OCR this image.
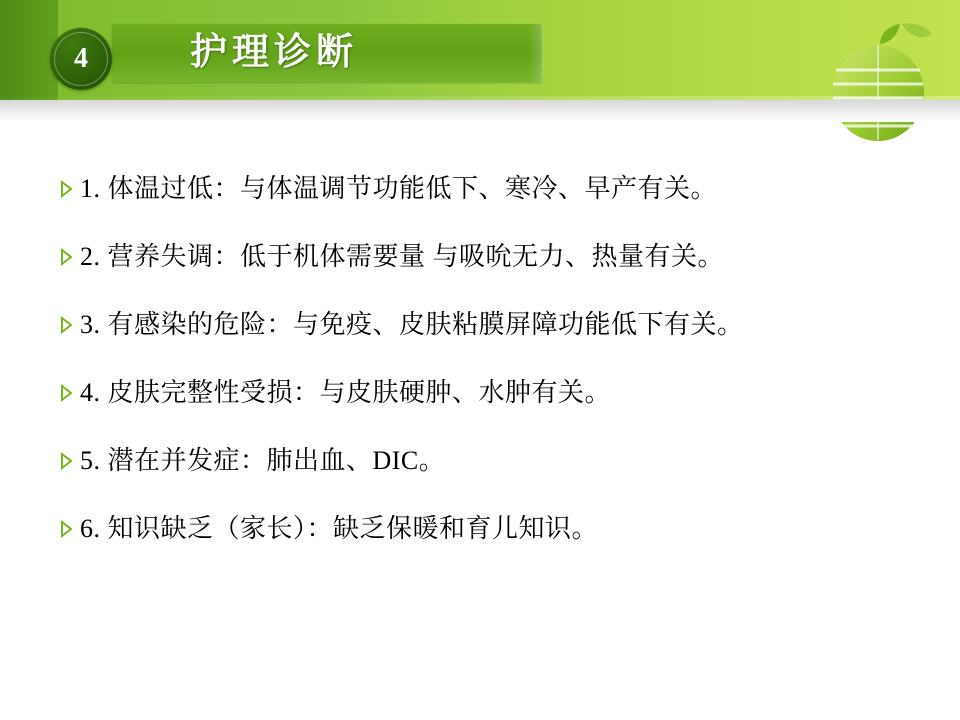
4	护理诊断
1. 体温过低：与体温调节功能低下、寒冷、早产有关。
2. 营养失调：低于机体需要量 与吸吮无力、热量有关。
3. 有感染的危险：与免疫、皮肤粘膜屏障功能低下有关。
4. 皮肤完整性受损：与皮肤硬肿、水肿有关。
5. 潜在并发症：肺出血、DIC。
6. 知识缺乏（家长）：缺乏保暖和育儿知识。
